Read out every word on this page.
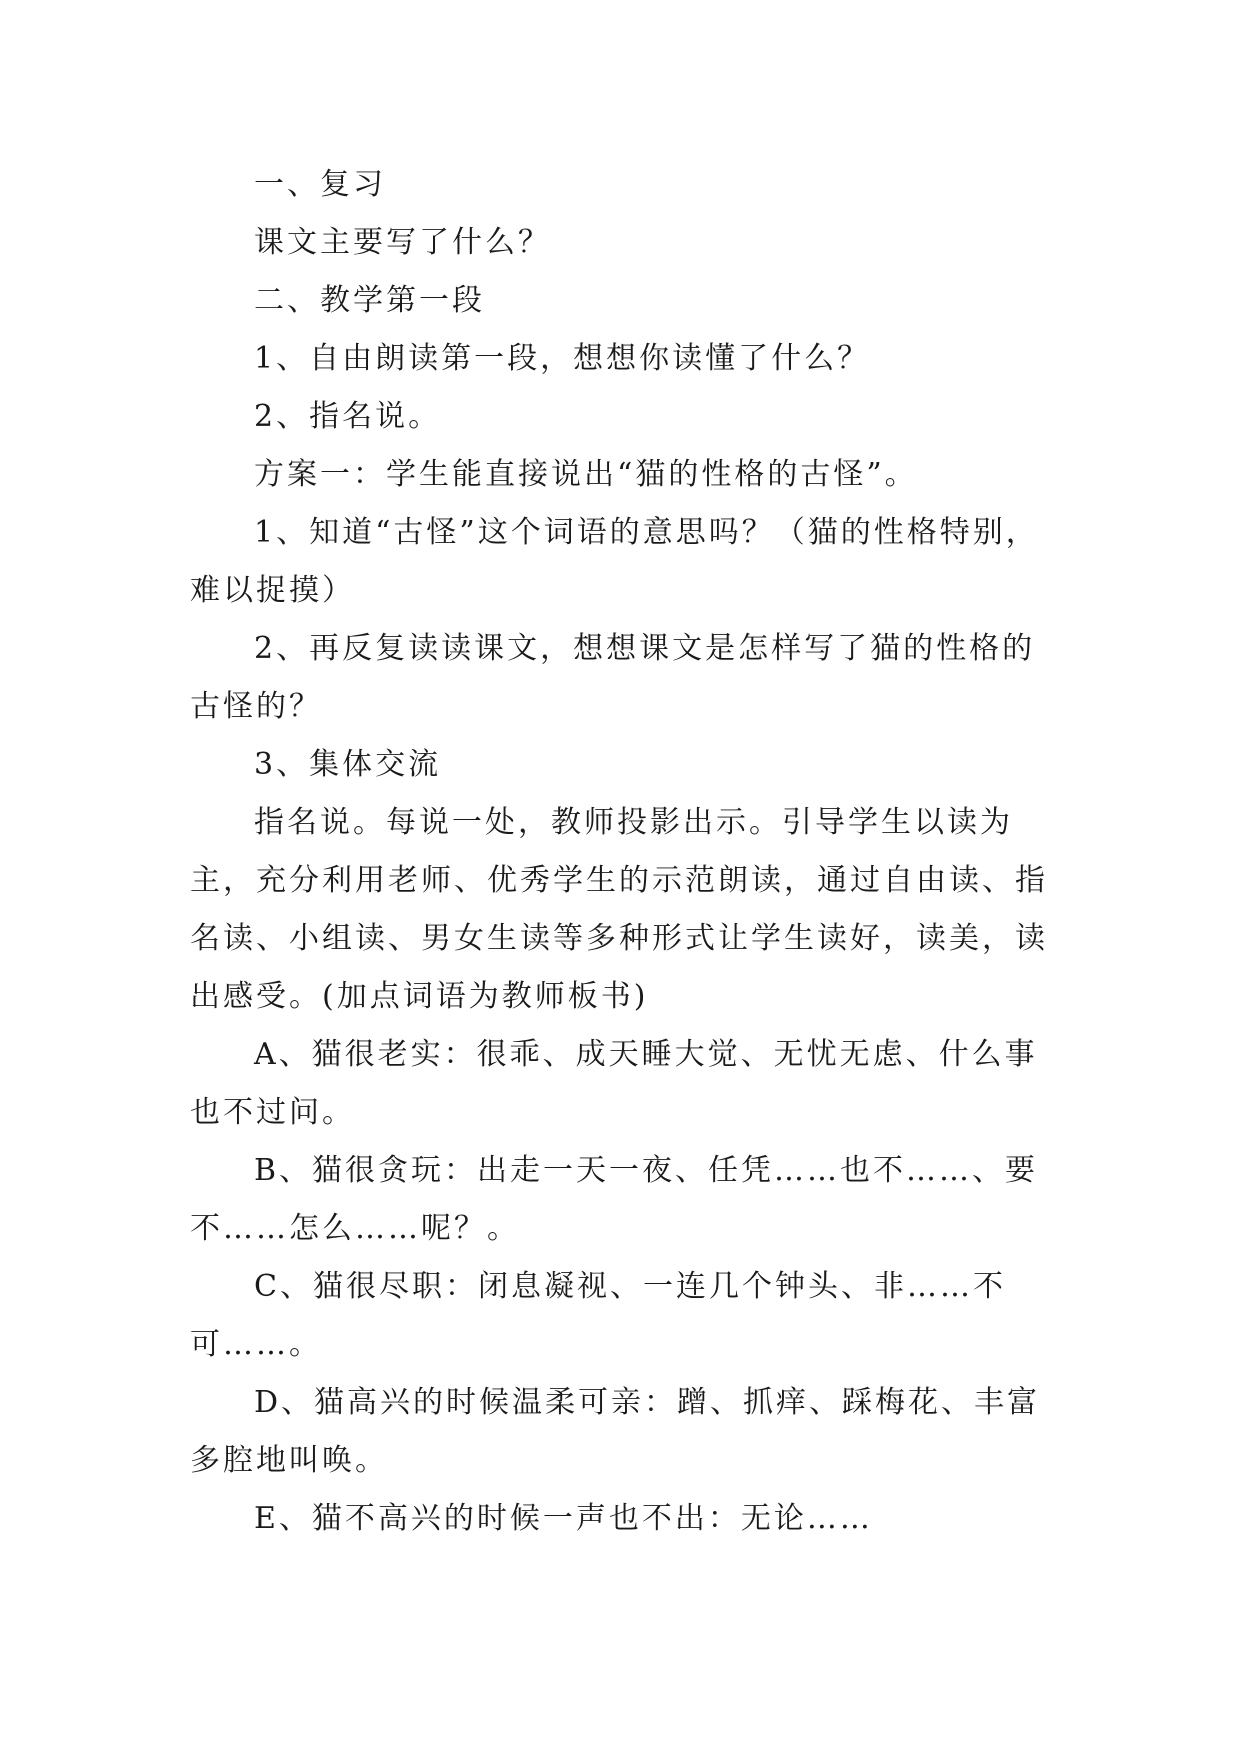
一、复习

课文主要写了什么？

二、教学第一段

1、自由朗读第一段，想想你读懂了什么？

2、指名说。

方案一：学生能直接说出“猫的性格的古怪”。

1、知道“古怪”这个词语的意思吗？（猫的性格特别，难以捉摸）

2、再反复读读课文，想想课文是怎样写了猫的性格的古怪的？

3、集体交流

指名说。每说一处，教师投影出示。引导学生以读为主，充分利用老师、优秀学生的示范朗读，通过自由读、指名读、小组读、男女生读等多种形式让学生读好，读美，读出感受。(加点词语为教师板书)

A、猫很老实：很乖、成天睡大觉、无忧无虑、什么事也不过问。

B、猫很贪玩：出走一天一夜、任凭……也不……、要不……怎么……呢？。

C、猫很尽职：闭息凝视、一连几个钟头、非……不可……。

D、猫高兴的时候温柔可亲：蹭、抓痒、踩梅花、丰富多腔地叫唤。

E、猫不高兴的时候一声也不出：无论……
